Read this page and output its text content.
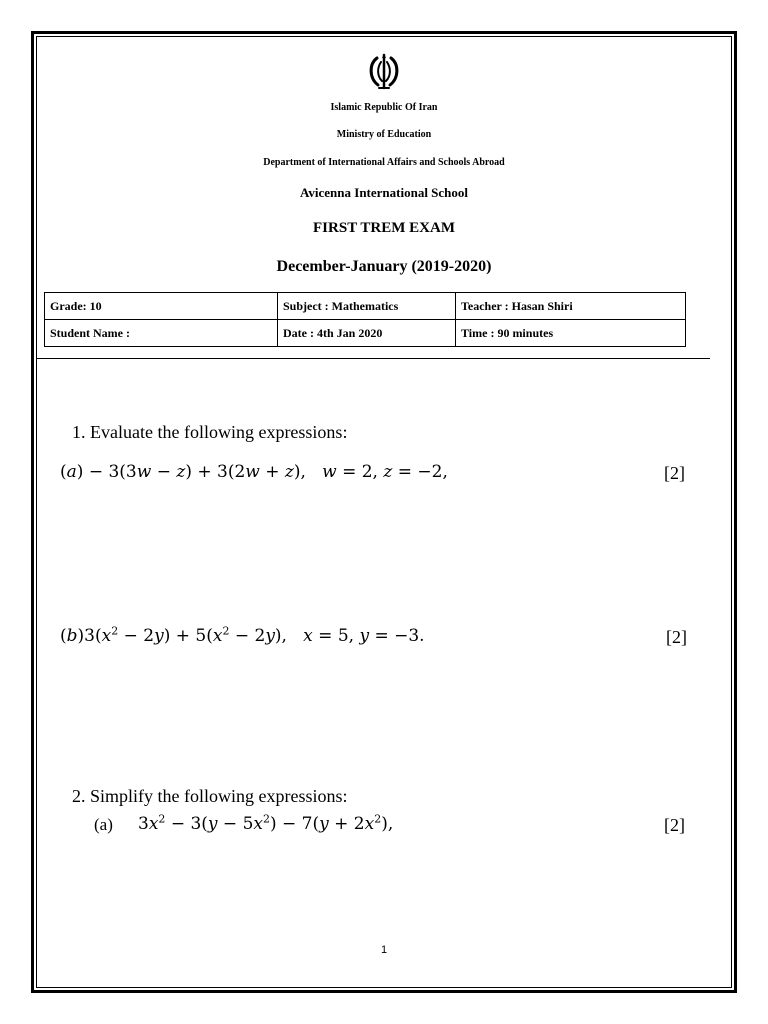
Islamic Republic Of Iran
Ministry of Education
Department of International Affairs and Schools Abroad
Avicenna International School
FIRST TREM EXAM
December-January (2019-2020)
Grade: 10	Subject : Mathematics	Teacher : Hasan Shiri
Student Name :	Date : 4th Jan 2020	Time : 90 minutes
1. Evaluate the following expressions:
(a) − 3(3w − z) + 3(2w + z),   w = 2, z = −2,	[2]
$(b)3(x^2 - 2y) + 5(x^2 - 2y)$,   x = 5, y = −3.	[2]
2. Simplify the following expressions:
(a) $3x^2 - 3(y - 5x^2) - 7(y + 2x^2)$,	[2]
1
